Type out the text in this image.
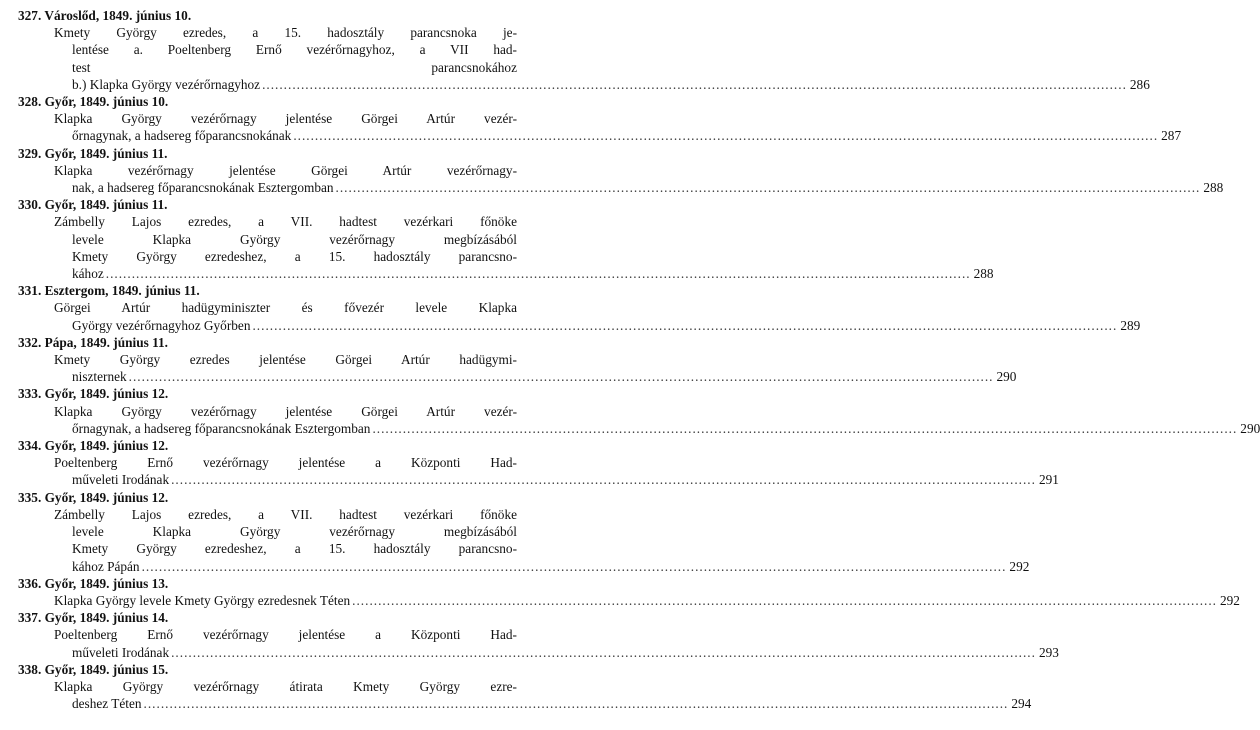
327. Városlőd, 1849. június 10.
Kmety György ezredes, a 15. hadosztály parancsnoka je-
lentése a. Poeltenberg Ernő vezérőrnagyhoz, a VII had-
test parancsnokához
b.) Klapka György vezérőrnagyhoz ........................................................................................................................................................................................................ 286
328. Győr, 1849. június 10.
Klapka György vezérőrnagy jelentése Görgei Artúr vezér-
őrnagynak, a hadsereg főparancsnokának ........................................................................................................................................................................................................ 287
329. Győr, 1849. június 11.
Klapka vezérőrnagy jelentése Görgei Artúr vezérőrnagy-
nak, a hadsereg főparancsnokának Esztergomban ........................................................................................................................................................................................................ 288
330. Győr, 1849. június 11.
Zámbelly Lajos ezredes, a VII. hadtest vezérkari főnöke
levele Klapka György vezérőrnagy megbízásából
Kmety György ezredeshez, a 15. hadosztály parancsno-
kához ........................................................................................................................................................................................................ 288
331. Esztergom, 1849. június 11.
Görgei Artúr hadügyminiszter és fővezér levele Klapka
György vezérőrnagyhoz Győrben ........................................................................................................................................................................................................ 289
332. Pápa, 1849. június 11.
Kmety György ezredes jelentése Görgei Artúr hadügymi-
niszternek ........................................................................................................................................................................................................ 290
333. Győr, 1849. június 12.
Klapka György vezérőrnagy jelentése Görgei Artúr vezér-
őrnagynak, a hadsereg főparancsnokának Esztergomban ........................................................................................................................................................................................................ 290
334. Győr, 1849. június 12.
Poeltenberg Ernő vezérőrnagy jelentése a Központi Had-
műveleti Irodának ........................................................................................................................................................................................................ 291
335. Győr, 1849. június 12.
Zámbelly Lajos ezredes, a VII. hadtest vezérkari főnöke
levele Klapka György vezérőrnagy megbízásából
Kmety György ezredeshez, a 15. hadosztály parancsno-
kához Pápán ........................................................................................................................................................................................................ 292
336. Győr, 1849. június 13.
Klapka György levele Kmety György ezredesnek Téten ........................................................................................................................................................................................................ 292
337. Győr, 1849. június 14.
Poeltenberg Ernő vezérőrnagy jelentése a Központi Had-
műveleti Irodának ........................................................................................................................................................................................................ 293
338. Győr, 1849. június 15.
Klapka György vezérőrnagy átirata Kmety György ezre-
deshez Téten ........................................................................................................................................................................................................ 294
